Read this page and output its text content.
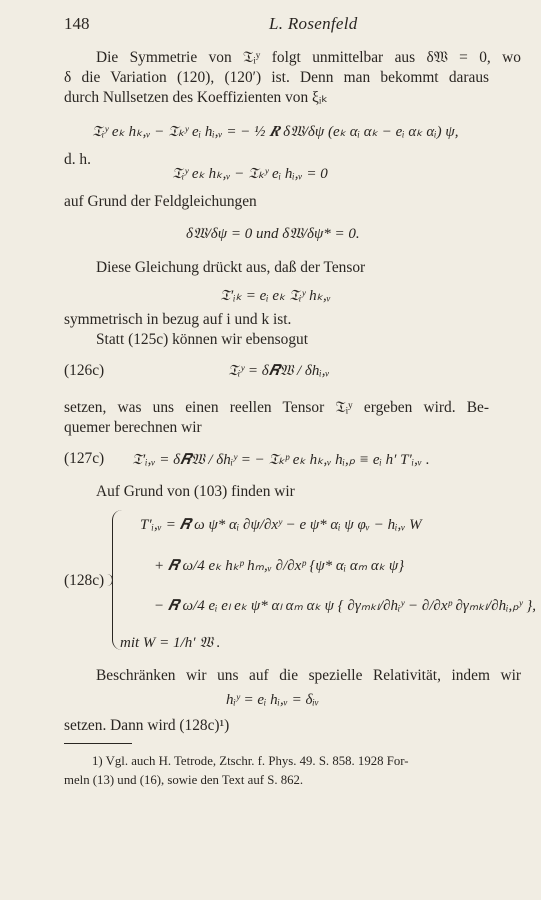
148	L. Rosenfeld
Die Symmetrie von 𝔗ᵢʸ folgt unmittelbar aus δ𝔚 = 0, wo
δ die Variation (120), (120′) ist. Denn man bekommt daraus
durch Nullsetzen des Koeffizienten von ξᵢₖ
𝔗ᵢʸ eₖ hₖ,ᵥ − 𝔗ₖʸ eᵢ hᵢ,ᵥ = − ½ 𝑹 δ𝔚/δψ (eₖ αᵢ αₖ − eᵢ αₖ αᵢ) ψ,
d. h.
𝔗ᵢʸ eₖ hₖ,ᵥ − 𝔗ₖʸ eᵢ hᵢ,ᵥ = 0
auf Grund der Feldgleichungen
δ𝔚/δψ = 0 und δ𝔚/δψ* = 0.
Diese Gleichung drückt aus, daß der Tensor
𝔗′ᵢₖ = eᵢ eₖ 𝔗ᵢʸ hₖ,ᵥ
symmetrisch in bezug auf i und k ist.
Statt (125c) können wir ebensogut
(126c)	𝔗ᵢʸ = δ𝑹𝔚 / δhᵢ,ᵥ
setzen, was uns einen reellen Tensor 𝔗ᵢʸ ergeben wird. Be-
quemer berechnen wir
(127c) 𝔗′ᵢ,ᵥ = δ𝑹𝔚 / δhᵢʸ = − 𝔗ₖᵖ eₖ hₖ,ᵥ hᵢ,ₚ ≡ eᵢ h′ T′ᵢ,ᵥ .
Auf Grund von (103) finden wir
(128c)
T′ᵢ,ᵥ = 𝑹 ω ψ* αᵢ ∂ψ/∂xʸ − e ψ* αᵢ ψ φᵥ − hᵢ,ᵥ W
+ 𝑹 ω/4 eₖ hₖᵖ hₘ,ᵥ ∂/∂xᵖ {ψ* αᵢ αₘ αₖ ψ}
− 𝑹 ω/4 eᵢ eₗ eₖ ψ* αₗ αₘ αₖ ψ { ∂γₘₖₗ/∂hᵢʸ − ∂/∂xᵖ ∂γₘₖₗ/∂hᵢ,ₚʸ },
mit W = 1/h′ 𝔚 .
Beschränken wir uns auf die spezielle Relativität, indem wir
hᵢʸ = eᵢ hᵢ,ᵥ = δᵢᵥ
setzen. Dann wird (128c)¹)
1) Vgl. auch H. Tetrode, Ztschr. f. Phys. 49. S. 858. 1928 For-
meln (13) und (16), sowie den Text auf S. 862.
